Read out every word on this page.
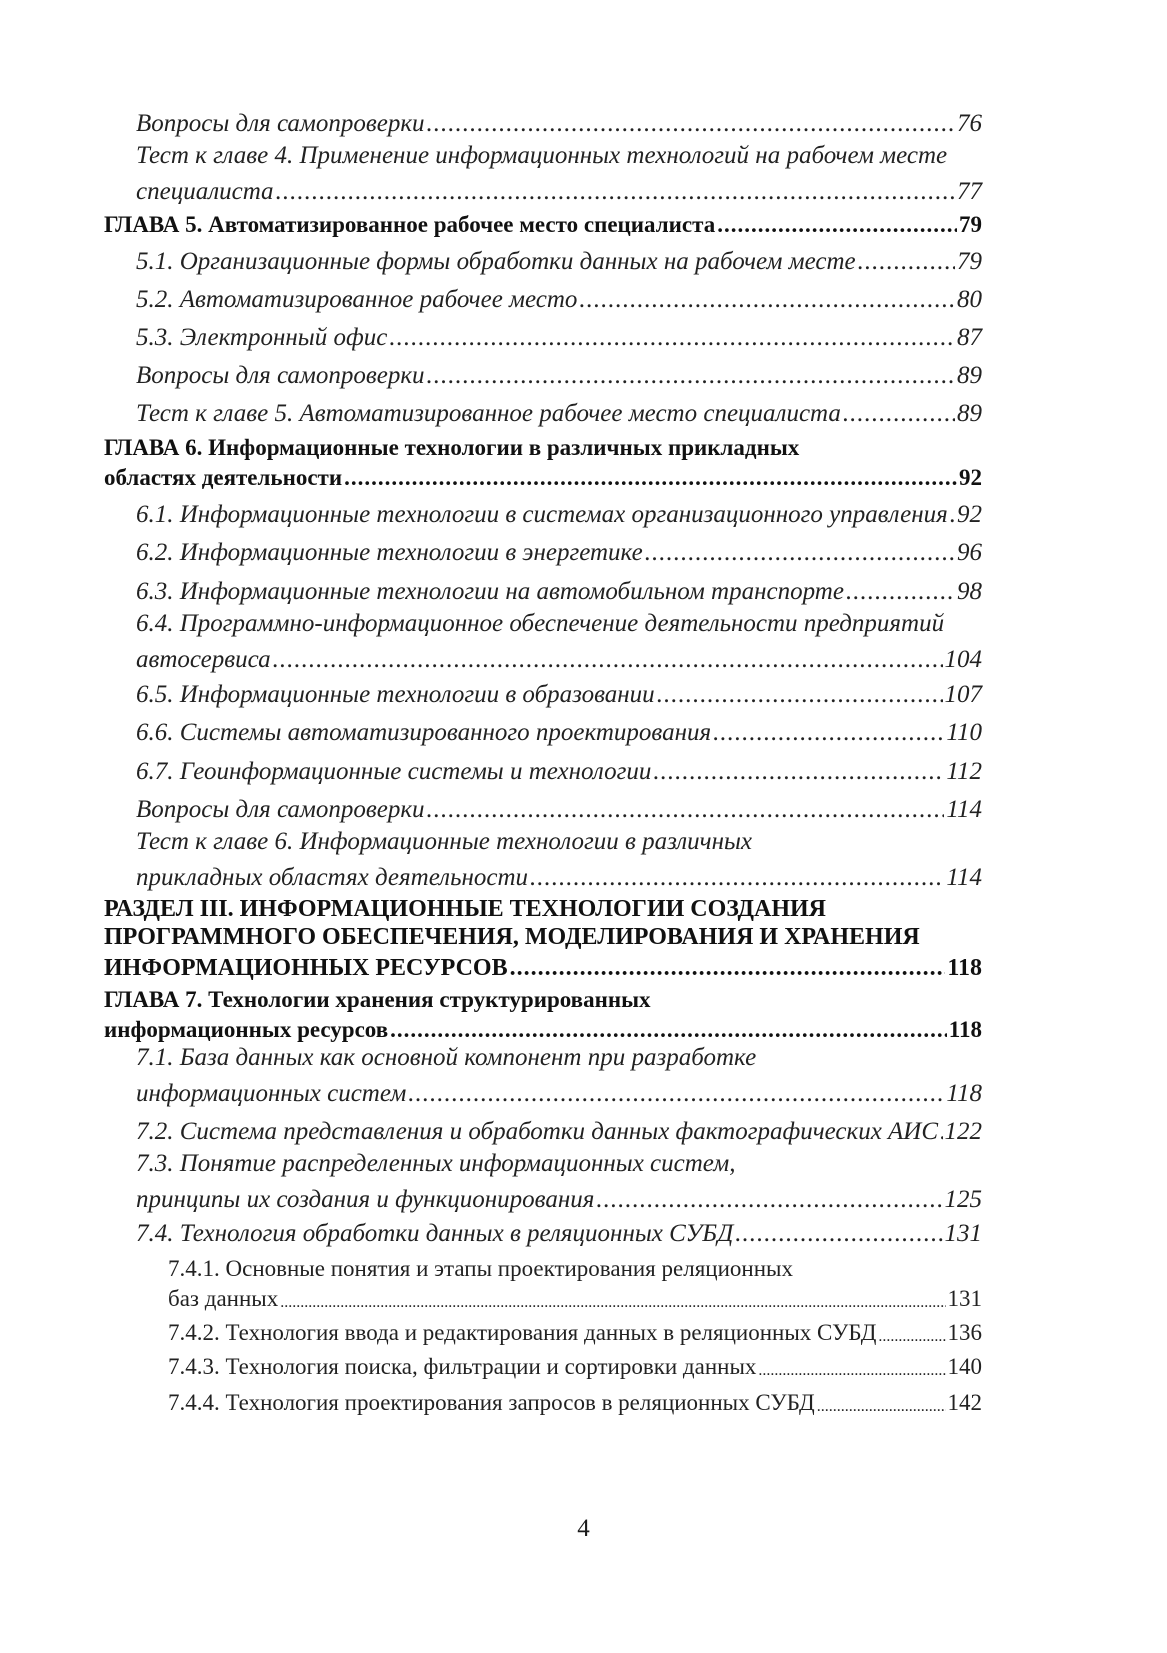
Вопросы для самопроверки .....	76
Тест к главе 4. Применение информационных технологий на рабочем месте
специалиста .....	77
ГЛАВА 5. Автоматизированное рабочее место специалиста .....	79
5.1. Организационные формы обработки данных на рабочем месте .....	79
5.2. Автоматизированное рабочее место .....	80
5.3. Электронный офис .....	87
Вопросы для самопроверки .....	89
Тест к главе 5. Автоматизированное рабочее место специалиста .....	89
ГЛАВА 6. Информационные технологии в различных прикладных
областях деятельности .....	92
6.1. Информационные технологии в системах организационного управления ..... 92
6.2. Информационные технологии в энергетике .....	96
6.3. Информационные технологии на автомобильном транспорте .....	98
6.4. Программно-информационное обеспечение деятельности предприятий
автосервиса .....	104
6.5. Информационные технологии в образовании .....	107
6.6. Системы автоматизированного проектирования .....	110
6.7. Геоинформационные системы и технологии .....	112
Вопросы для самопроверки .....	114
Тест к главе 6. Информационные технологии в различных
прикладных областях деятельности .....	114
РАЗДЕЛ III. ИНФОРМАЦИОННЫЕ ТЕХНОЛОГИИ СОЗДАНИЯ
ПРОГРАММНОГО ОБЕСПЕЧЕНИЯ, МОДЕЛИРОВАНИЯ И ХРАНЕНИЯ
ИНФОРМАЦИОННЫХ РЕСУРСОВ .....	118
ГЛАВА 7. Технологии хранения структурированных
информационных ресурсов .....	118
7.1. База данных как основной компонент при разработке
информационных систем .....	118
7.2. Система представления и обработки данных фактографических АИС ..... 122
7.3. Понятие распределенных информационных систем,
принципы их создания и функционирования .....	125
7.4. Технология обработки данных в реляционных СУБД .....	131
7.4.1. Основные понятия и этапы проектирования реляционных
баз данных .....	131
7.4.2. Технология ввода и редактирования данных в реляционных СУБД .....	136
7.4.3. Технология поиска, фильтрации и сортировки данных .....	140
7.4.4. Технология проектирования запросов в реляционных СУБД .....	142
4
